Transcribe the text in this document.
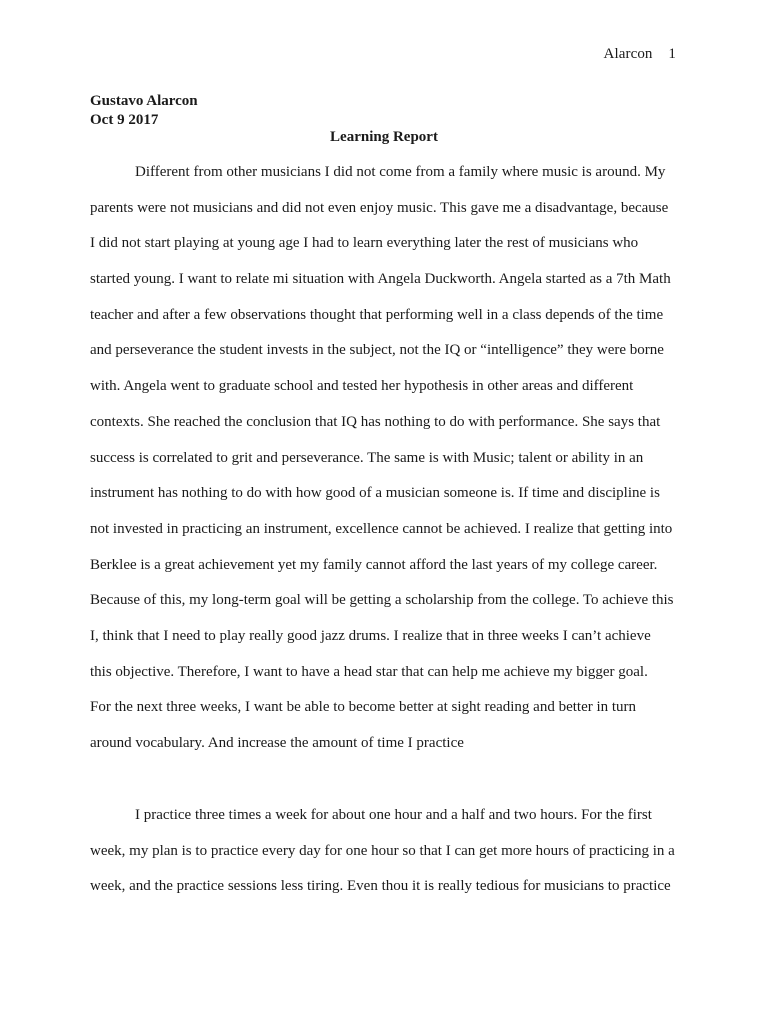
Alarcon 1
Gustavo Alarcon
Oct 9 2017
Learning Report
Different from other musicians I did not come from a family where music is around. My
parents were not musicians and did not even enjoy music. This gave me a disadvantage, because
I did not start playing at young age I had to learn everything later the rest of musicians who
started young. I want to relate mi situation with Angela Duckworth. Angela started as a 7th Math
teacher and after a few observations thought that performing well in a class depends of the time
and perseverance the student invests in the subject, not the IQ or “intelligence” they were borne
with. Angela went to graduate school and tested her hypothesis in other areas and different
contexts. She reached the conclusion that IQ has nothing to do with performance. She says that
success is correlated to grit and perseverance. The same is with Music; talent or ability in an
instrument has nothing to do with how good of a musician someone is. If time and discipline is
not invested in practicing an instrument, excellence cannot be achieved. I realize that getting into
Berklee is a great achievement yet my family cannot afford the last years of my college career.
Because of this, my long-term goal will be getting a scholarship from the college. To achieve this
I, think that I need to play really good jazz drums. I realize that in three weeks I can’t achieve
this objective. Therefore, I want to have a head star that can help me achieve my bigger goal.
For the next three weeks, I want be able to become better at sight reading and better in turn
around vocabulary. And increase the amount of time I practice
I practice three times a week for about one hour and a half and two hours. For the first
week, my plan is to practice every day for one hour so that I can get more hours of practicing in a
week, and the practice sessions less tiring. Even thou it is really tedious for musicians to practice
